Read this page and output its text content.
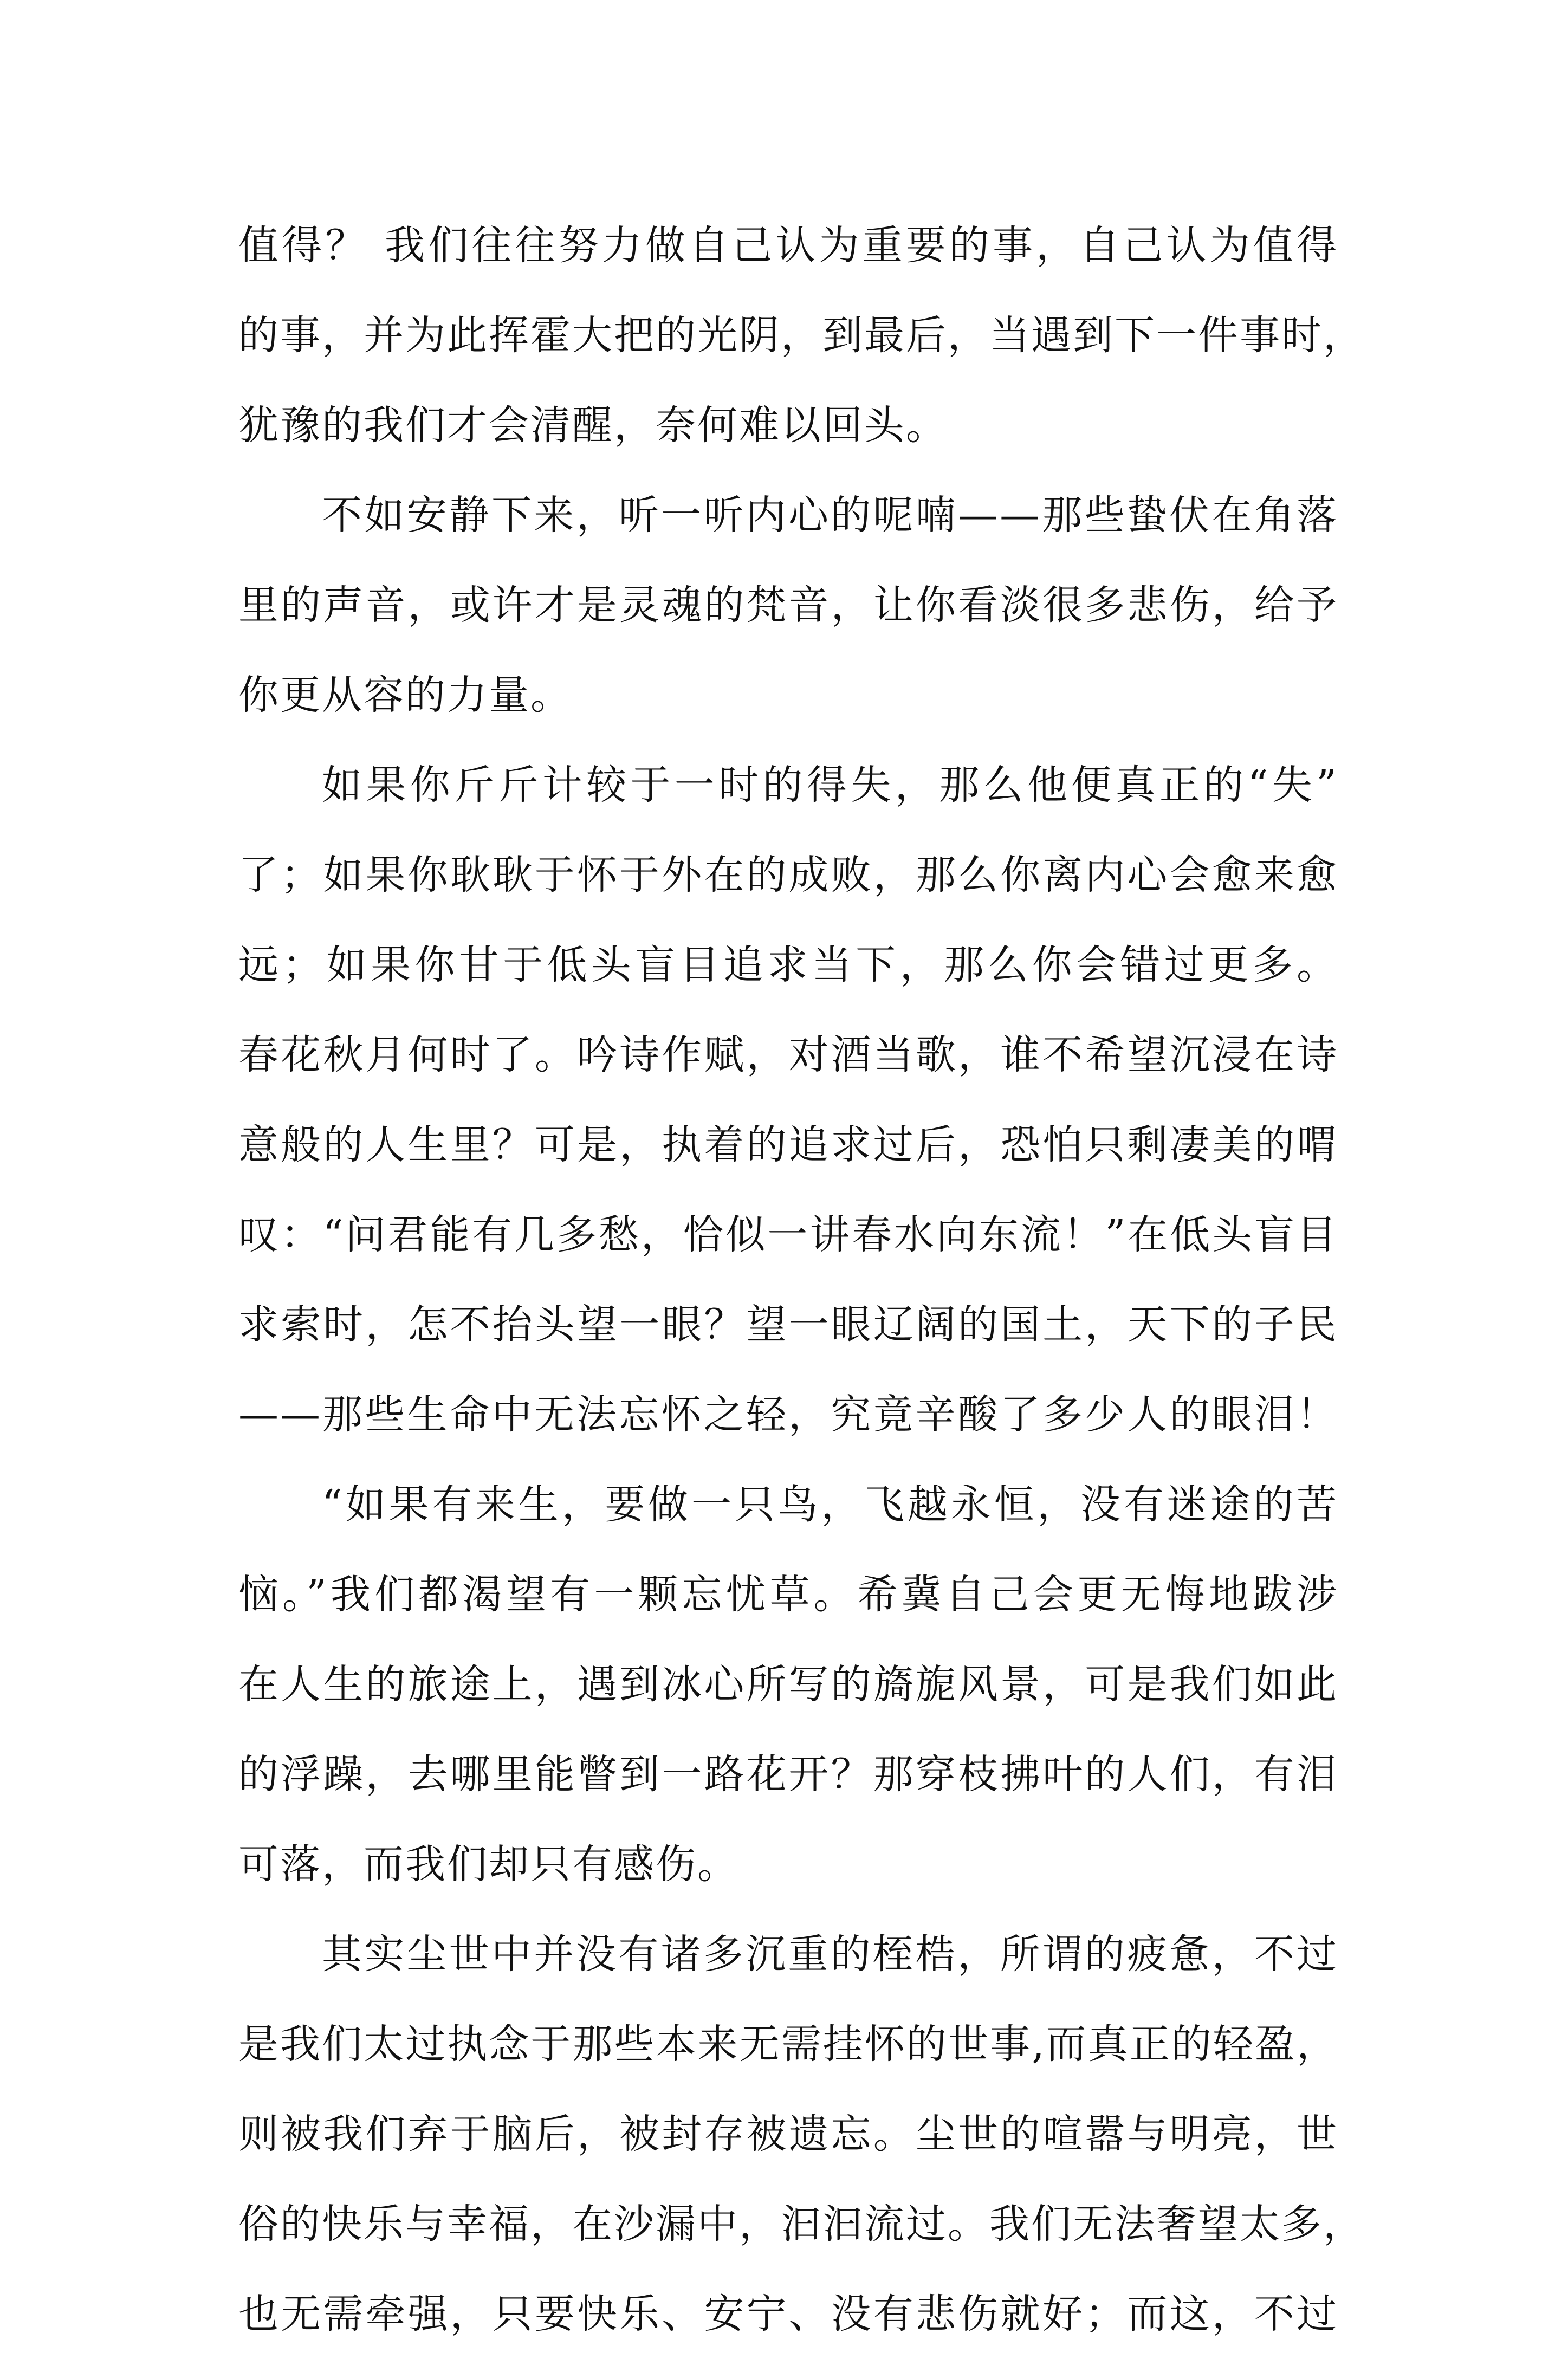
值得？ 我们往往努力做自己认为重要的事，自己认为值得
的事，并为此挥霍大把的光阴，到最后，当遇到下一件事时，
犹豫的我们才会清醒，奈何难以回头。
不如安静下来，听一听内心的呢喃——那些蛰伏在角落
里的声音，或许才是灵魂的梵音，让你看淡很多悲伤，给予
你更从容的力量。
如果你斤斤计较于一时的得失，那么他便真正的“失”
了；如果你耿耿于怀于外在的成败，那么你离内心会愈来愈
远；如果你甘于低头盲目追求当下，那么你会错过更多。
春花秋月何时了。吟诗作赋，对酒当歌，谁不希望沉浸在诗
意般的人生里？可是，执着的追求过后，恐怕只剩凄美的喟
叹：“问君能有几多愁，恰似一讲春水向东流！”在低头盲目
求索时，怎不抬头望一眼？望一眼辽阔的国土，天下的子民
——那些生命中无法忘怀之轻，究竟辛酸了多少人的眼泪！
“如果有来生，要做一只鸟，飞越永恒，没有迷途的苦
恼。”我们都渴望有一颗忘忧草。希冀自己会更无悔地跋涉
在人生的旅途上，遇到冰心所写的旖旎风景，可是我们如此
的浮躁，去哪里能瞥到一路花开？那穿枝拂叶的人们，有泪
可落，而我们却只有感伤。
其实尘世中并没有诸多沉重的桎梏，所谓的疲惫，不过
是我们太过执念于那些本来无需挂怀的世事,而真正的轻盈，
则被我们弃于脑后，被封存被遗忘。尘世的喧嚣与明亮，世
俗的快乐与幸福，在沙漏中，汩汩流过。我们无法奢望太多，
也无需牵强，只要快乐、安宁、没有悲伤就好；而这，不过
